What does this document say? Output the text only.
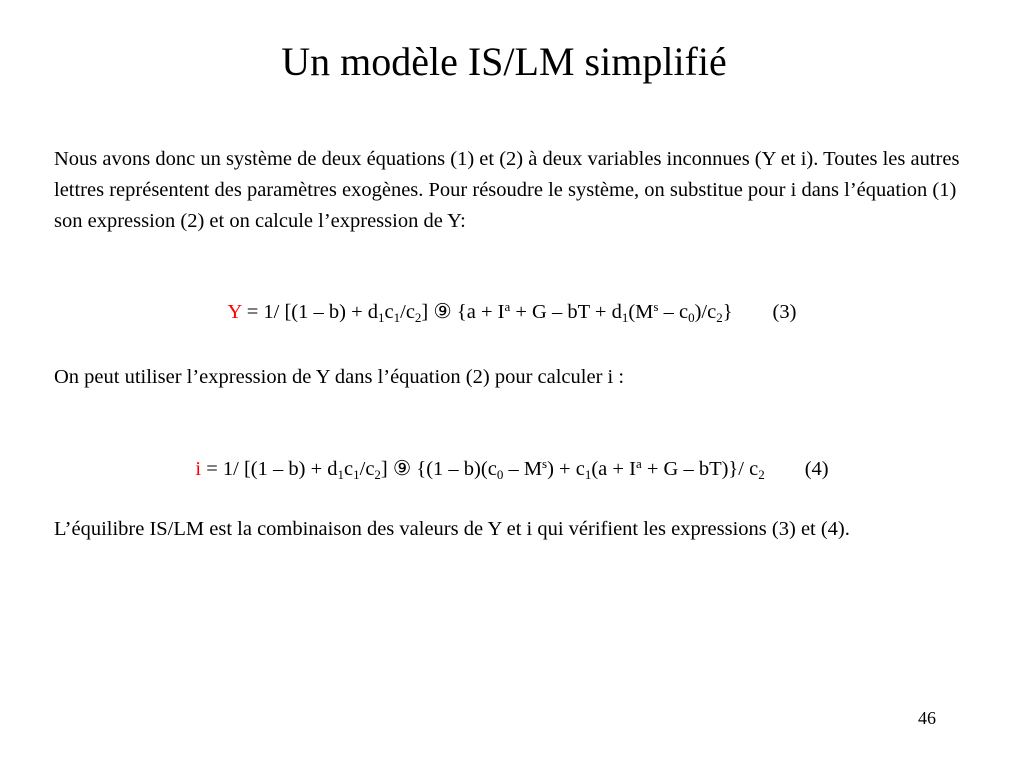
Un modèle IS/LM simplifié

Nous avons donc un système de deux équations (1) et (2) à deux variables inconnues (Y et i). Toutes les autres lettres représentent des paramètres exogènes. Pour résoudre le système, on substitue pour i dans l’équation (1) son expression (2) et on calcule l’expression de Y:

Y = 1/ $[(1 - b) + d_1c_1/c_2]$ ⑨ {$a + I^a + G$ – bT + $d_1(M^s - c_0)/c_2$} (3)

On peut utiliser l’expression de Y dans l’équation (2) pour calculer i :

i = 1/ $[(1 - b) + d_1c_1/c_2]$ ⑨ $\{(1 - b)(c_0 - M^s) + c_1(a + I^a + G - bT)\}/$ $c_2$ (4)

L’équilibre IS/LM est la combinaison des valeurs de Y et i qui vérifient les expressions (3) et (4).

46
